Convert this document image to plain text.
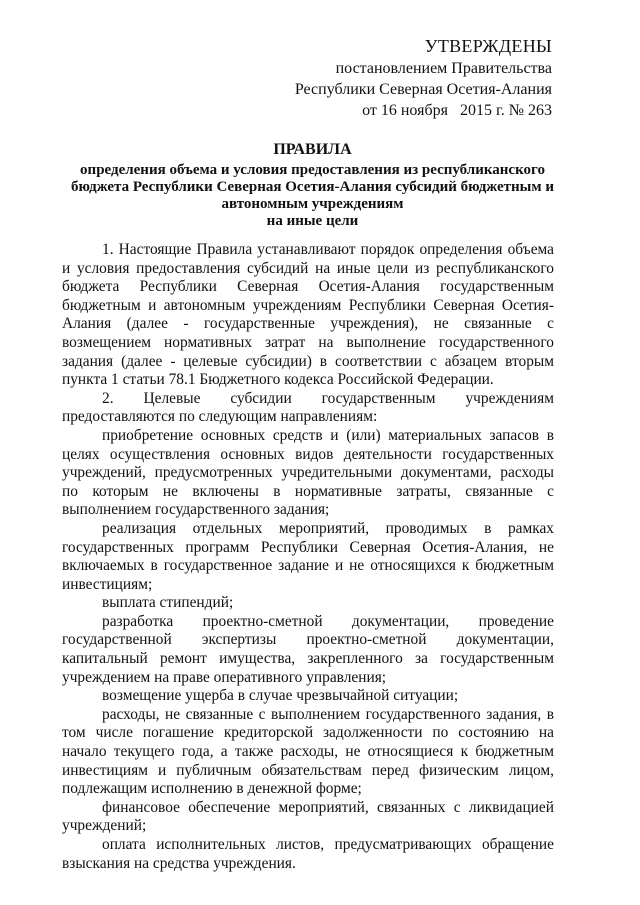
УТВЕРЖДЕНЫ
постановлением Правительства
Республики Северная Осетия-Алания
от 16 ноября   2015 г. № 263
ПРАВИЛА
определения объема и условия предоставления из республиканского
бюджета Республики Северная Осетия-Алания субсидий бюджетным и
автономным учреждениям
на иные цели

1. Настоящие Правила устанавливают порядок определения объема и условия предоставления субсидий на иные цели из республиканского бюджета Республики Северная Осетия-Алания государственным бюджетным и автономным учреждениям Республики Северная Осетия-Алания (далее - государственные учреждения), не связанные с возмещением нормативных затрат на выполнение государственного задания (далее - целевые субсидии) в соответствии с абзацем вторым пункта 1 статьи 78.1 Бюджетного кодекса Российской Федерации.

2. Целевые субсидии государственным учреждениям предоставляются по следующим направлениям:

приобретение основных средств и (или) материальных запасов в целях осуществления основных видов деятельности государственных учреждений, предусмотренных учредительными документами, расходы по которым не включены в нормативные затраты, связанные с выполнением государственного задания;

реализация отдельных мероприятий, проводимых в рамках государственных программ Республики Северная Осетия-Алания, не включаемых в государственное задание и не относящихся к бюджетным инвестициям;

выплата стипендий;

разработка проектно-сметной документации, проведение государственной экспертизы проектно-сметной документации, капитальный ремонт имущества, закрепленного за государственным учреждением на праве оперативного управления;

возмещение ущерба в случае чрезвычайной ситуации;

расходы, не связанные с выполнением государственного задания, в том числе погашение кредиторской задолженности по состоянию на начало текущего года, а также расходы, не относящиеся к бюджетным инвестициям и публичным обязательствам перед физическим лицом, подлежащим исполнению в денежной форме;

финансовое обеспечение мероприятий, связанных с ликвидацией учреждений;

оплата исполнительных листов, предусматривающих обращение взыскания на средства учреждения.
